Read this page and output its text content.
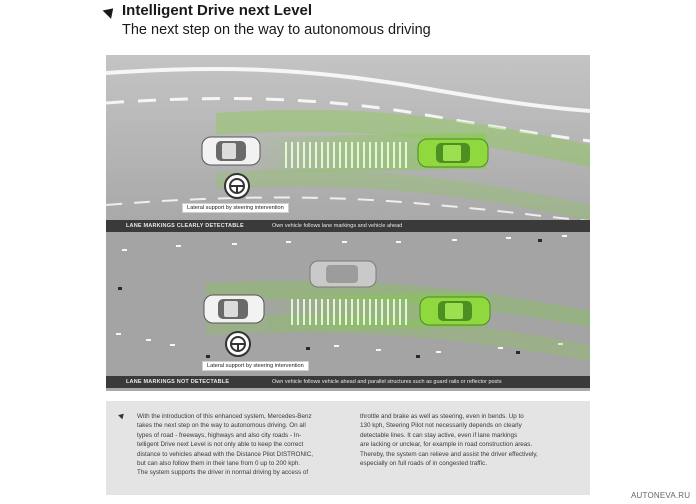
Intelligent Drive next Level
The next step on the way to autonomous driving
Lateral support by steering intervention
LANE MARKINGS CLEARLY DETECTABLE	Own vehicle follows lane markings and vehicle ahead
Lateral support by steering intervention
LANE MARKINGS NOT DETECTABLE	Own vehicle follows vehicle ahead and parallel structures such as guard rails or reflector posts

With the introduction of this enhanced system, Mercedes-Benz

takes the next step on the way to autonomous driving. On all

types of road - freeways, highways and also city roads - In-

telligent Drive next Level is not only able to keep the correct

distance to vehicles ahead with the Distance Pilot DISTRONIC,

but can also follow them in their lane from 0 up to 200 kph.

The system supports the driver in normal driving by access of

throttle and brake as well as steering, even in bends. Up to

130 kph, Steering Pilot not necessarily depends on clearly

detectable lines. It can stay active, even if lane markings

are lacking or unclear, for example in road construction areas.

Thereby, the system can relieve and assist the driver effectively,

especially on full roads of in congested traffic.

AUTONEVA.RU
